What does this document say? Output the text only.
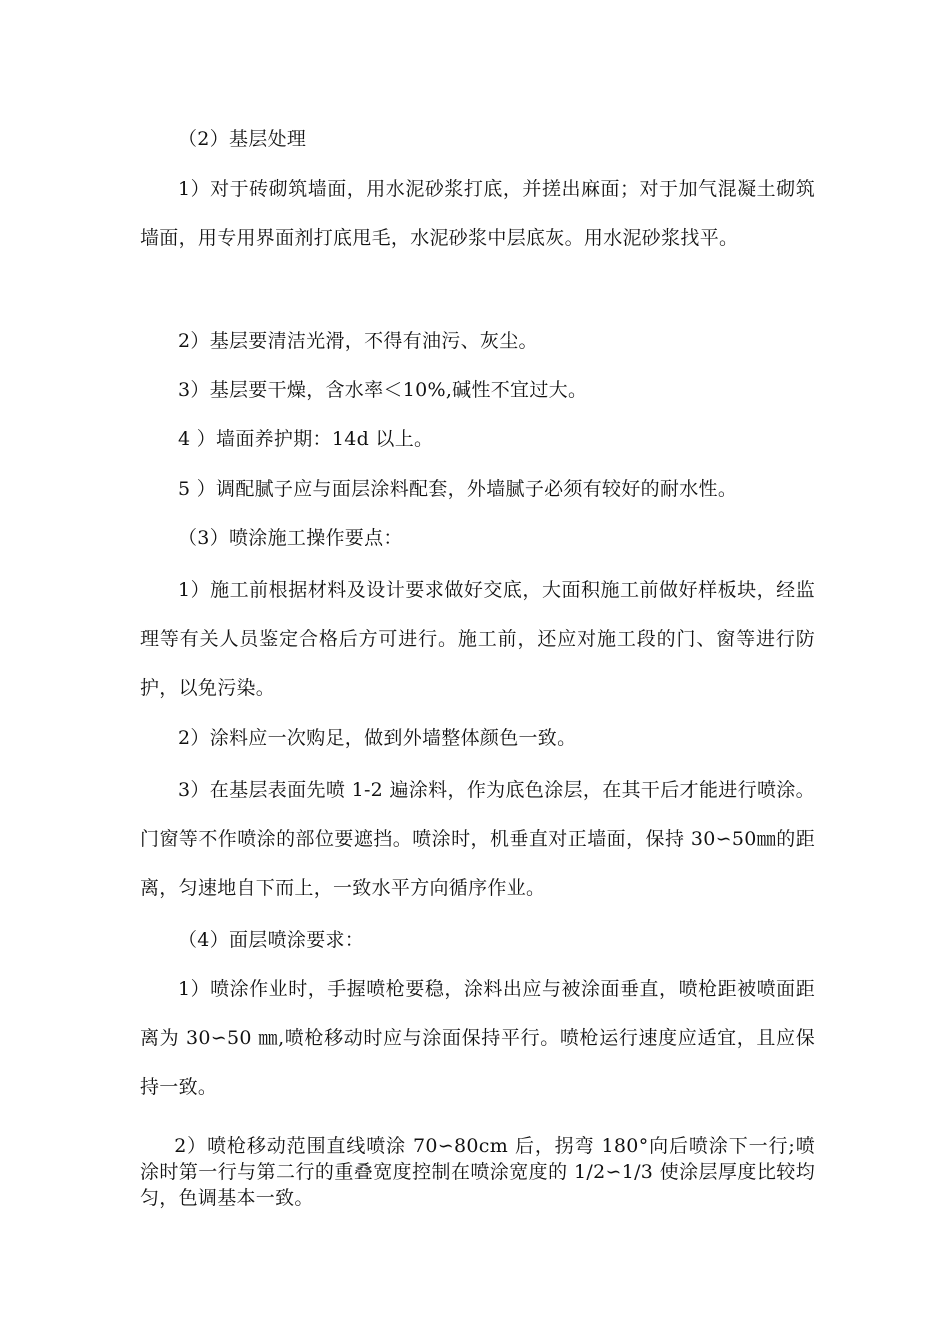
（2）基层处理

1）对于砖砌筑墙面，用水泥砂浆打底，并搓出麻面；对于加气混凝土砌筑墙面，用专用界面剂打底甩毛，水泥砂浆中层底灰。用水泥砂浆找平。

2）基层要清洁光滑，不得有油污、灰尘。

3）基层要干燥，含水率＜10%,碱性不宜过大。

4 ）墙面养护期：14d 以上。

5 ）调配腻子应与面层涂料配套，外墙腻子必须有较好的耐水性。

（3）喷涂施工操作要点：

1）施工前根据材料及设计要求做好交底，大面积施工前做好样板块，经监理等有关人员鉴定合格后方可进行。施工前，还应对施工段的门、窗等进行防护，以免污染。

2）涂料应一次购足，做到外墙整体颜色一致。

3）在基层表面先喷 1-2 遍涂料，作为底色涂层，在其干后才能进行喷涂。门窗等不作喷涂的部位要遮挡。喷涂时，机垂直对正墙面，保持 30∽50㎜的距离，匀速地自下而上，一致水平方向循序作业。

（4）面层喷涂要求：

1）喷涂作业时，手握喷枪要稳，涂料出应与被涂面垂直，喷枪距被喷面距离为 30∽50 ㎜,喷枪移动时应与涂面保持平行。喷枪运行速度应适宜，且应保持一致。

2）喷枪移动范围直线喷涂 70∽80cm 后，拐弯 180°向后喷涂下一行;喷涂时第一行与第二行的重叠宽度控制在喷涂宽度的 1/2∽1/3 使涂层厚度比较均匀，色调基本一致。
